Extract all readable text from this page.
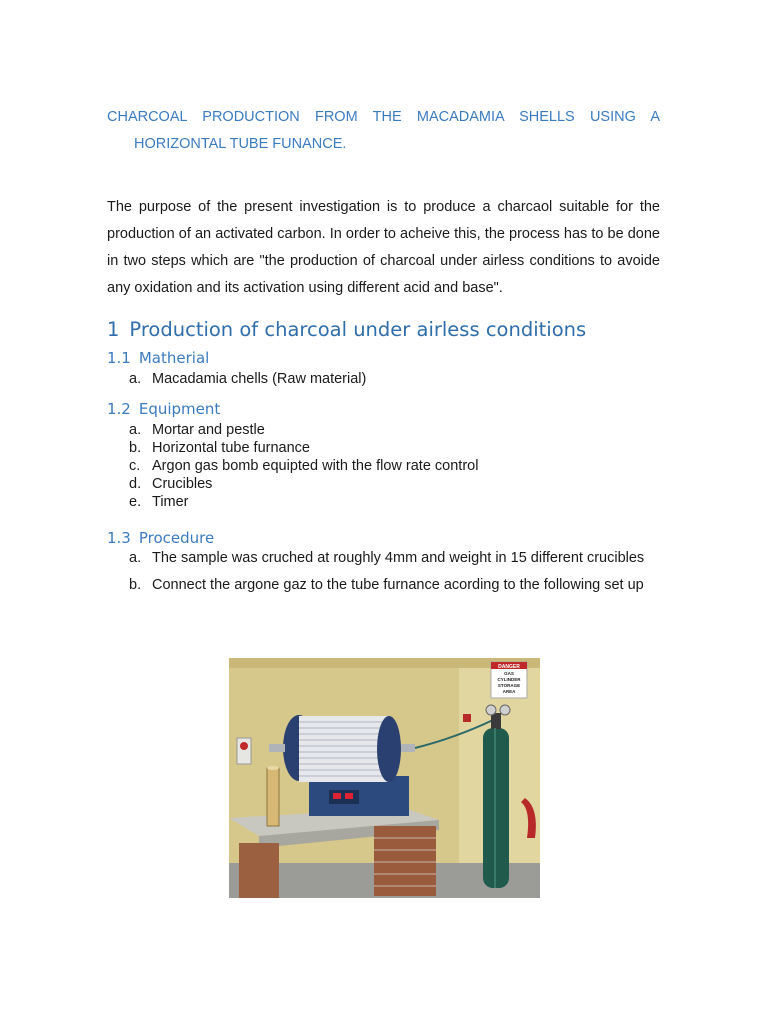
CHARCOAL PRODUCTION FROM THE MACADAMIA SHELLS USING A
HORIZONTAL TUBE FUNANCE.

The purpose of the present investigation is to produce a charcaol suitable for the production of an activated carbon. In order to acheive this, the process has to be done in two steps which are "the production of charcoal under airless conditions to avoide any oxidation and its activation using different acid and base".

1 Production of charcoal under airless conditions
1.1 Matherial
a. Macadamia chells (Raw material)
1.2 Equipment
a. Mortar and pestle
b. Horizontal tube furnance
c. Argon gas bomb equipted with the flow rate control
d. Crucibles
e. Timer
1.3 Procedure
a. The sample was cruched at roughly 4mm and weight in 15 different crucibles
b. Connect the argone gaz to the tube furnance acording to the following set up
DANGER
GAS
CYLINDER
STORAGE
AREA
